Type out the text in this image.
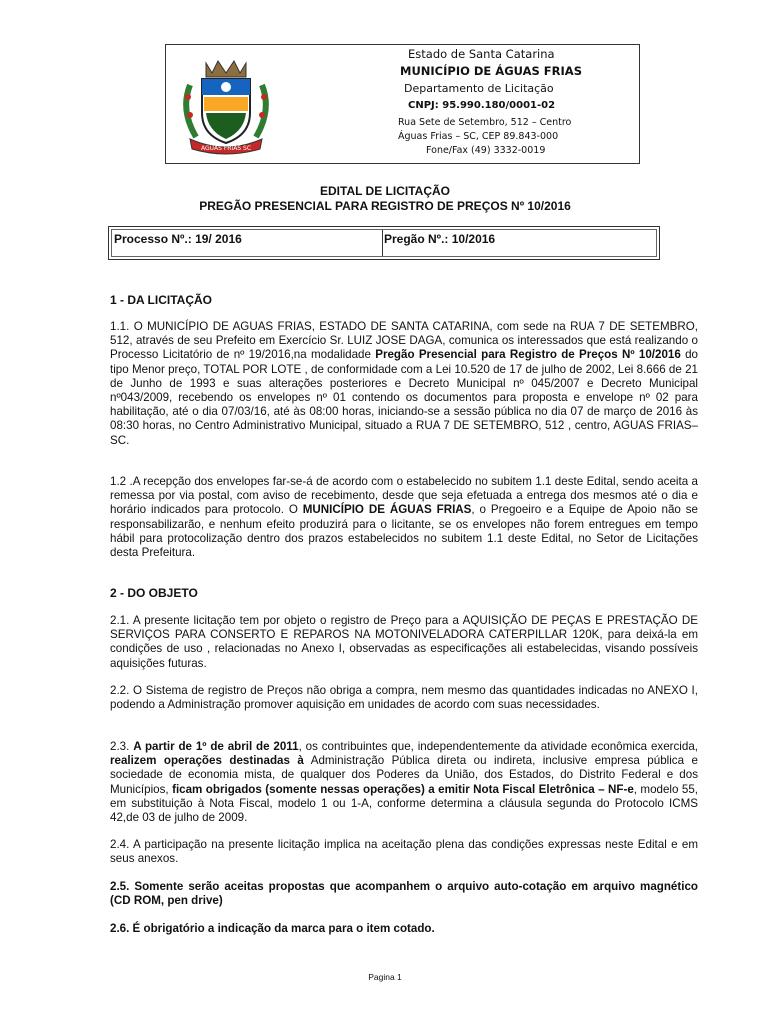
AGUAS FRIAS SC
Estado de Santa Catarina
MUNICÍPIO DE ÁGUAS FRIAS
Departamento de Licitação
CNPJ: 95.990.180/0001-02
Rua Sete de Setembro, 512 – Centro
Águas Frias – SC, CEP 89.843-000
Fone/Fax (49) 3332-0019
EDITAL DE LICITAÇÃO
PREGÃO PRESENCIAL PARA REGISTRO DE PREÇOS Nº 10/2016
Processo Nº.: 19/ 2016	Pregão Nº.: 10/2016
1 - DA LICITAÇÃO
1.1. O MUNICÍPIO DE AGUAS FRIAS, ESTADO DE SANTA CATARINA, com sede na RUA 7 DE SETEMBRO, 512, através de seu Prefeito em Exercício Sr. LUIZ JOSE DAGA, comunica os interessados que está realizando o Processo Licitatório de nº 19/2016,na modalidade Pregão Presencial para Registro de Preços Nº 10/2016 do tipo Menor preço, TOTAL POR LOTE , de conformidade com a Lei 10.520 de 17 de julho de 2002, Lei 8.666 de 21 de Junho de 1993 e suas alterações posteriores e Decreto Municipal nº 045/2007 e Decreto Municipal nº043/2009, recebendo os envelopes nº 01 contendo os documentos para proposta e envelope nº 02 para habilitação, até o dia 07/03/16, até às 08:00 horas, iniciando-se a sessão pública no dia 07 de março de 2016 às 08:30 horas, no Centro Administrativo Municipal, situado a RUA 7 DE SETEMBRO, 512 , centro, AGUAS FRIAS– SC.
1.2 .A recepção dos envelopes far-se-á de acordo com o estabelecido no subitem 1.1 deste Edital, sendo aceita a remessa por via postal, com aviso de recebimento, desde que seja efetuada a entrega dos mesmos até o dia e horário indicados para protocolo. O MUNICÍPIO DE ÁGUAS FRIAS, o Pregoeiro e a Equipe de Apoio não se responsabilizarão, e nenhum efeito produzirá para o licitante, se os envelopes não forem entregues em tempo hábil para protocolização dentro dos prazos estabelecidos no subitem 1.1 deste Edital, no Setor de Licitações desta Prefeitura.
2 - DO OBJETO
2.1. A presente licitação tem por objeto o registro de Preço para a AQUISIÇÃO DE PEÇAS E PRESTAÇÃO DE SERVIÇOS PARA CONSERTO E REPAROS NA MOTONIVELADORA CATERPILLAR 120K, para deixá-la em condições de uso , relacionadas no Anexo I, observadas as especificações ali estabelecidas, visando possíveis aquisições futuras.
2.2. O Sistema de registro de Preços não obriga a compra, nem mesmo das quantidades indicadas no ANEXO I, podendo a Administração promover aquisição em unidades de acordo com suas necessidades.
2.3. A partir de 1º de abril de 2011, os contribuintes que, independentemente da atividade econômica exercida, realizem operações destinadas à Administração Pública direta ou indireta, inclusive empresa pública e sociedade de economia mista, de qualquer dos Poderes da União, dos Estados, do Distrito Federal e dos Municípios, ficam obrigados (somente nessas operações) a emitir Nota Fiscal Eletrônica – NF-e, modelo 55, em substituição à Nota Fiscal, modelo 1 ou 1-A, conforme determina a cláusula segunda do Protocolo ICMS 42,de 03 de julho de 2009.
2.4. A participação na presente licitação implica na aceitação plena das condições expressas neste Edital e em seus anexos.
2.5. Somente serão aceitas propostas que acompanhem o arquivo auto-cotação em arquivo magnético (CD ROM, pen drive)
2.6. É obrigatório a indicação da marca para o item cotado.
Pagina 1
